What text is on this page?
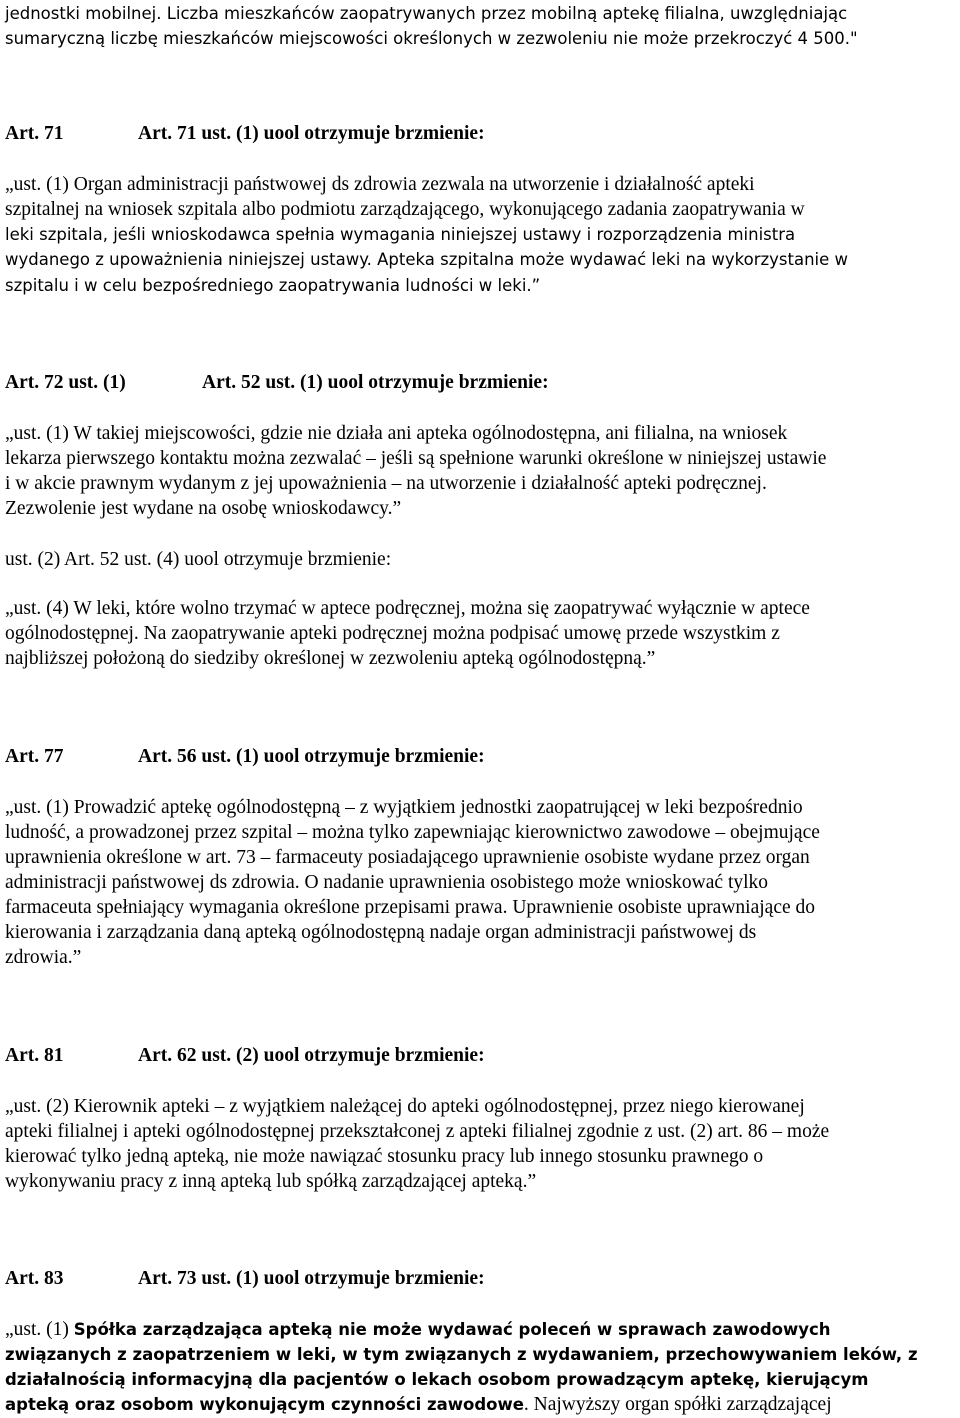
jednostki mobilnej. Liczba mieszkańców zaopatrywanych przez mobilną aptekę filialna, uwzględniając

sumaryczną liczbę mieszkańców miejscowości określonych w zezwoleniu nie może przekroczyć 4 500."

Art. 71	Art. 71 ust. (1) uool otrzymuje brzmienie:

„ust. (1) Organ administracji państwowej ds zdrowia zezwala na utworzenie i działalność apteki

szpitalnej na wniosek szpitala albo podmiotu zarządzającego, wykonującego zadania zaopatrywania w

leki szpitala, jeśli wnioskodawca spełnia wymagania niniejszej ustawy i rozporządzenia ministra

wydanego z upoważnienia niniejszej ustawy. Apteka szpitalna może wydawać leki na wykorzystanie w

szpitalu i w celu bezpośredniego zaopatrywania ludności w leki.”

Art. 72 ust. (1)	Art. 52 ust. (1) uool otrzymuje brzmienie:

„ust. (1) W takiej miejscowości, gdzie nie działa ani apteka ogólnodostępna, ani filialna, na wniosek

lekarza pierwszego kontaktu można zezwalać – jeśli są spełnione warunki określone w niniejszej ustawie

i w akcie prawnym wydanym z jej upoważnienia – na utworzenie i działalność apteki podręcznej.

Zezwolenie jest wydane na osobę wnioskodawcy.”

ust. (2) Art. 52 ust. (4) uool otrzymuje brzmienie:

„ust. (4) W leki, które wolno trzymać w aptece podręcznej, można się zaopatrywać wyłącznie w aptece

ogólnodostępnej. Na zaopatrywanie apteki podręcznej można podpisać umowę przede wszystkim z

najbliższej położoną do siedziby określonej w zezwoleniu apteką ogólnodostępną.”

Art. 77	Art. 56 ust. (1) uool otrzymuje brzmienie:

„ust. (1) Prowadzić aptekę ogólnodostępną – z wyjątkiem jednostki zaopatrującej w leki bezpośrednio

ludność, a prowadzonej przez szpital – można tylko zapewniając kierownictwo zawodowe – obejmujące

uprawnienia określone w art. 73 – farmaceuty posiadającego uprawnienie osobiste wydane przez organ

administracji państwowej ds zdrowia. O nadanie uprawnienia osobistego może wnioskować tylko

farmaceuta spełniający wymagania określone przepisami prawa. Uprawnienie osobiste uprawniające do

kierowania i zarządzania daną apteką ogólnodostępną nadaje organ administracji państwowej ds

zdrowia.”

Art. 81	Art. 62 ust. (2) uool otrzymuje brzmienie:

„ust. (2) Kierownik apteki – z wyjątkiem należącej do apteki ogólnodostępnej, przez niego kierowanej

apteki filialnej i apteki ogólnodostępnej przekształconej z apteki filialnej zgodnie z ust. (2) art. 86 – może

kierować tylko jedną apteką, nie może nawiązać stosunku pracy lub innego stosunku prawnego o

wykonywaniu pracy z inną apteką lub spółką zarządzającej apteką.”

Art. 83	Art. 73 ust. (1) uool otrzymuje brzmienie:

„ust. (1) Spółka zarządzająca apteką nie może wydawać poleceń w sprawach zawodowych

związanych z zaopatrzeniem w leki, w tym związanych z wydawaniem, przechowywaniem leków, z

działalnością informacyjną dla pacjentów o lekach osobom prowadzącym aptekę, kierującym

apteką oraz osobom wykonującym czynności zawodowe. Najwyższy organ spółki zarządzającej
